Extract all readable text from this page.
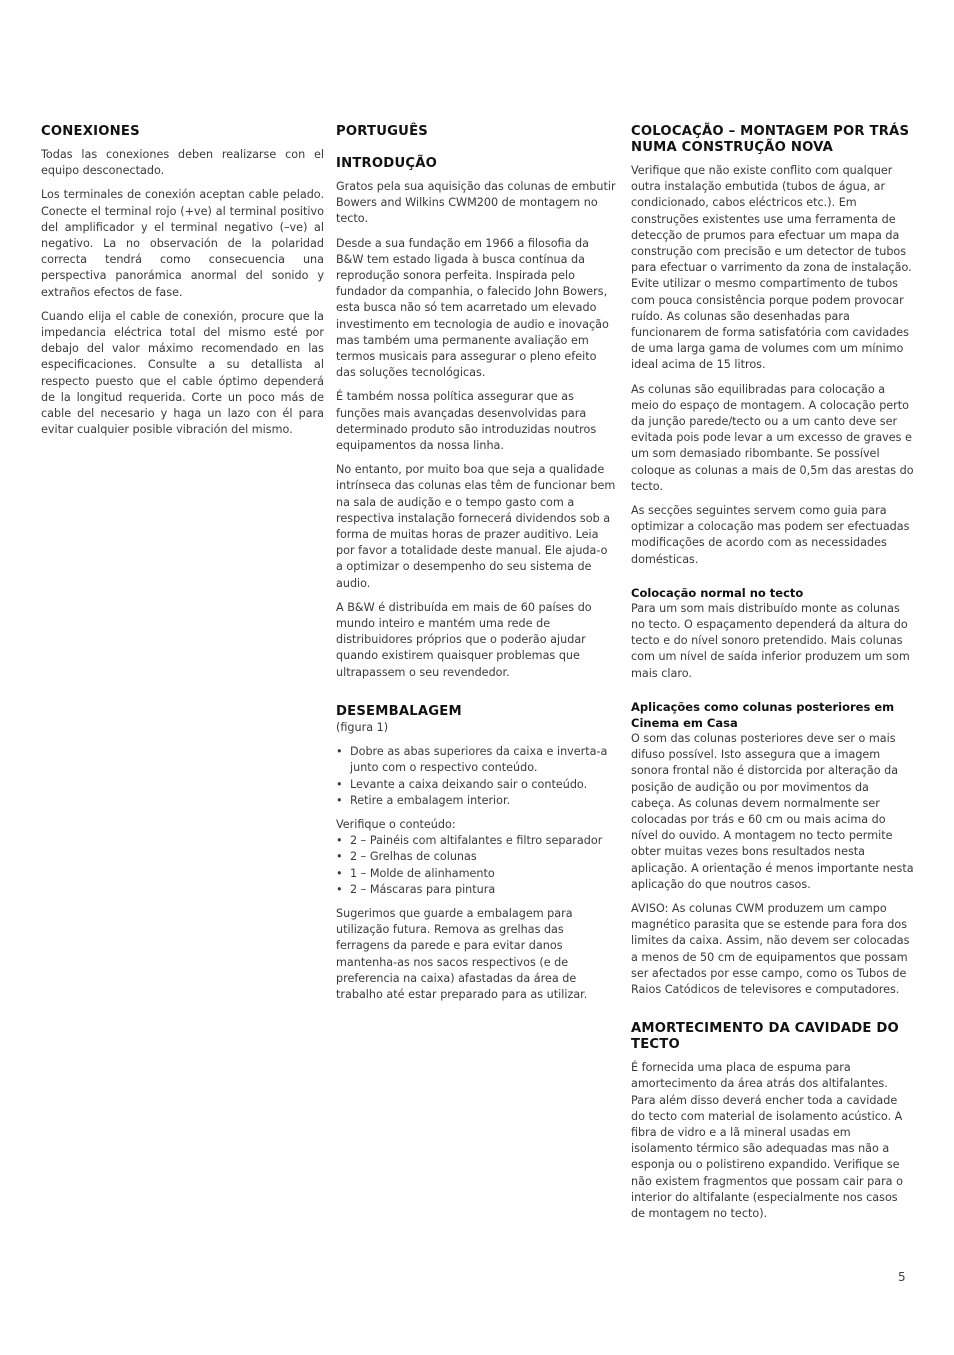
CONEXIONES

Todas las conexiones deben realizarse con el equipo desconectado.

Los terminales de conexión aceptan cable pelado. Conecte el terminal rojo (+ve) al terminal positivo del amplificador y el terminal negativo (–ve) al negativo. La no observación de la polaridad correcta tendrá como consecuencia una perspectiva panorámica anormal del sonido y extraños efectos de fase.

Cuando elija el cable de conexión, procure que la impedancia eléctrica total del mismo esté por debajo del valor máximo recomendado en las especificaciones. Consulte a su detallista al respecto puesto que el cable óptimo dependerá de la longitud requerida. Corte un poco más de cable del necesario y haga un lazo con él para evitar cualquier posible vibración del mismo.

PORTUGUÊS
INTRODUÇÃO

Gratos pela sua aquisição das colunas de embutir Bowers and Wilkins CWM200 de montagem no tecto.

Desde a sua fundação em 1966 a filosofia da B&W tem estado ligada à busca contínua da reprodução sonora perfeita. Inspirada pelo fundador da companhia, o falecido John Bowers, esta busca não só tem acarretado um elevado investimento em tecnologia de audio e inovação mas também uma permanente avaliação em termos musicais para assegurar o pleno efeito das soluções tecnológicas.

É também nossa política assegurar que as funções mais avançadas desenvolvidas para determinado produto são introduzidas noutros equipamentos da nossa linha.

No entanto, por muito boa que seja a qualidade intrínseca das colunas elas têm de funcionar bem na sala de audição e o tempo gasto com a respectiva instalação fornecerá dividendos sob a forma de muitas horas de prazer auditivo. Leia por favor a totalidade deste manual. Ele ajuda-o a optimizar o desempenho do seu sistema de audio.

A B&W é distribuída em mais de 60 países do mundo inteiro e mantém uma rede de distribuidores próprios que o poderão ajudar quando existirem quaisquer problemas que ultrapassem o seu revendedor.

DESEMBALAGEM

(figura 1)

• Dobre as abas superiores da caixa e inverta-a junto com o respectivo conteúdo.
• Levante a caixa deixando sair o conteúdo.
• Retire a embalagem interior.

Verifique o conteúdo:

• 2 – Painéis com altifalantes e filtro separador
• 2 – Grelhas de colunas
• 1 – Molde de alinhamento
• 2 – Máscaras para pintura

Sugerimos que guarde a embalagem para utilização futura. Remova as grelhas das ferragens da parede e para evitar danos mantenha-as nos sacos respectivos (e de preferencia na caixa) afastadas da área de trabalho até estar preparado para as utilizar.

COLOCAÇÃO – MONTAGEM POR TRÁS NUMA CONSTRUÇÃO NOVA

Verifique que não existe conflito com qualquer outra instalação embutida (tubos de água, ar condicionado, cabos eléctricos etc.). Em construções existentes use uma ferramenta de detecção de prumos para efectuar um mapa da construção com precisão e um detector de tubos para efectuar o varrimento da zona de instalação. Evite utilizar o mesmo compartimento de tubos com pouca consistência porque podem provocar ruído. As colunas são desenhadas para funcionarem de forma satisfatória com cavidades de uma larga gama de volumes com um mínimo ideal acima de 15 litros.

As colunas são equilibradas para colocação a meio do espaço de montagem. A colocação perto da junção parede/tecto ou a um canto deve ser evitada pois pode levar a um excesso de graves e um som demasiado ribombante. Se possível coloque as colunas a mais de 0,5m das arestas do tecto.

As secções seguintes servem como guia para optimizar a colocação mas podem ser efectuadas modificações de acordo com as necessidades domésticas.

Colocação normal no tecto

Para um som mais distribuído monte as colunas no tecto. O espaçamento dependerá da altura do tecto e do nível sonoro pretendido. Mais colunas com um nível de saída inferior produzem um som mais claro.

Aplicações como colunas posteriores em Cinema em Casa

O som das colunas posteriores deve ser o mais difuso possível. Isto assegura que a imagem sonora frontal não é distorcida por alteração da posição de audição ou por movimentos da cabeça. As colunas devem normalmente ser colocadas por trás e 60 cm ou mais acima do nível do ouvido. A montagem no tecto permite obter muitas vezes bons resultados nesta aplicação. A orientação é menos importante nesta aplicação do que noutros casos.

AVISO: As colunas CWM produzem um campo magnético parasita que se estende para fora dos limites da caixa. Assim, não devem ser colocadas a menos de 50 cm de equipamentos que possam ser afectados por esse campo, como os Tubos de Raios Catódicos de televisores e computadores.

AMORTECIMENTO DA CAVIDADE DO TECTO

É fornecida uma placa de espuma para amortecimento da área atrás dos altifalantes. Para além disso deverá encher toda a cavidade do tecto com material de isolamento acústico. A fibra de vidro e a lã mineral usadas em isolamento térmico são adequadas mas não a esponja ou o polistireno expandido. Verifique se não existem fragmentos que possam cair para o interior do altifalante (especialmente nos casos de montagem no tecto).

5
